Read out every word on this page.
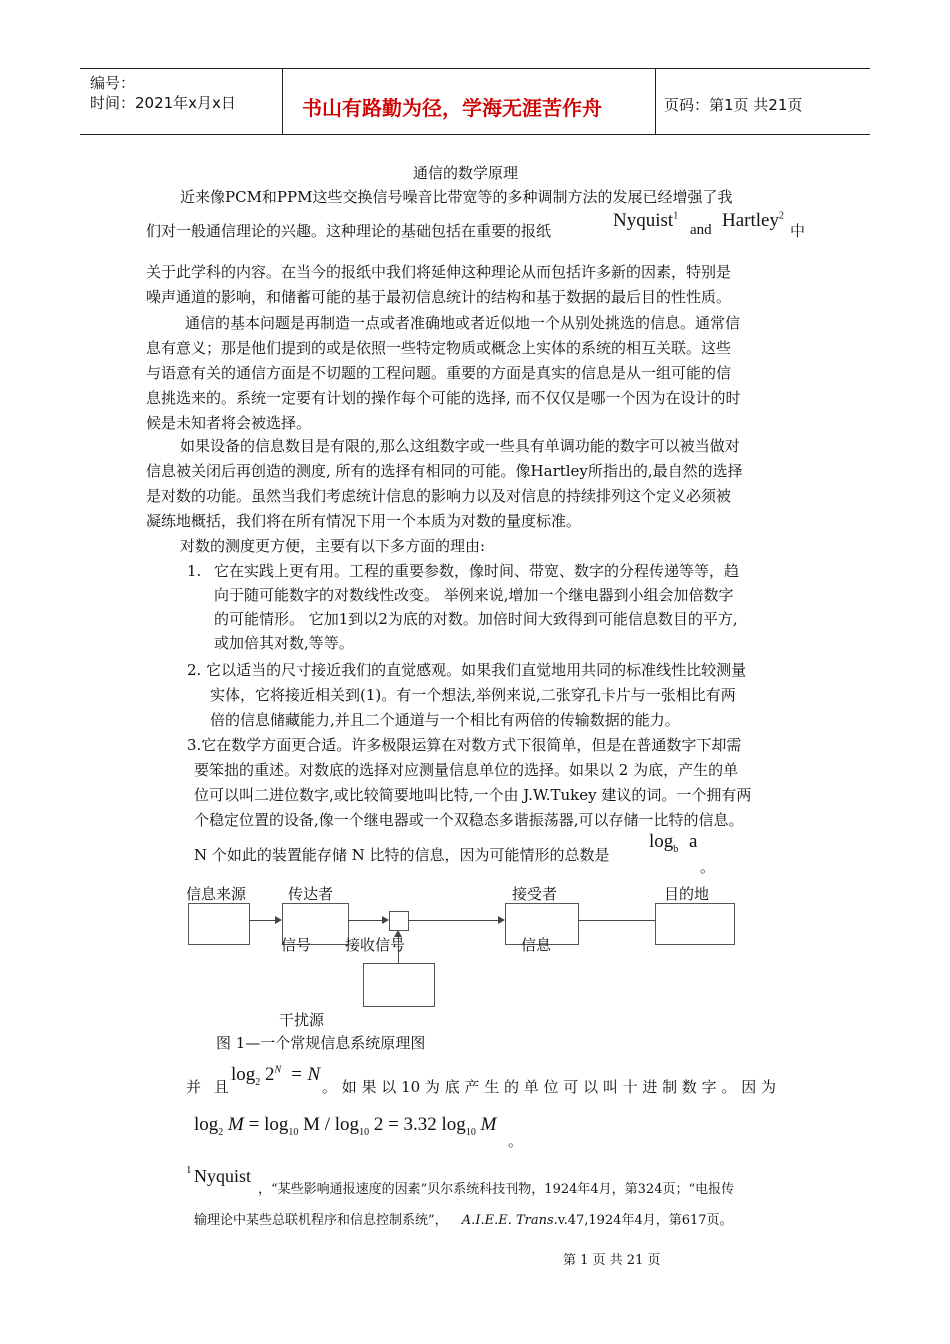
编号：
时间：2021年x月x日	书山有路勤为径，学海无涯苦作舟	页码：第1页 共21页
通信的数学原理
近来像PCM和PPM这些交换信号噪音比带宽等的多种调制方法的发展已经增强了我
们对一般通信理论的兴趣。这种理论的基础包括在重要的报纸	Nyquist$^1$
and Hartley$^2$
中
关于此学科的内容。在当今的报纸中我们将延伸这种理论从而包括许多新的因素，特别是
噪声通道的影响，和储蓄可能的基于最初信息统计的结构和基于数据的最后目的性性质。
通信的基本问题是再制造一点或者准确地或者近似地一个从别处挑选的信息。通常信
息有意义；那是他们提到的或是依照一些特定物质或概念上实体的系统的相互关联。这些
与语意有关的通信方面是不切题的工程问题。重要的方面是真实的信息是从一组可能的信
息挑选来的。系统一定要有计划的操作每个可能的选择, 而不仅仅是哪一个因为在设计的时
候是未知者将会被选择。
如果设备的信息数目是有限的,那么这组数字或一些具有单调功能的数字可以被当做对
信息被关闭后再创造的测度, 所有的选择有相同的可能。像Hartley所指出的,最自然的选择
是对数的功能。虽然当我们考虑统计信息的影响力以及对信息的持续排列这个定义必须被
凝练地概括，我们将在所有情况下用一个本质为对数的量度标准。
对数的测度更方便，主要有以下多方面的理由:
1. 它在实践上更有用。工程的重要参数，像时间、带宽、数字的分程传递等等，趋
向于随可能数字的对数线性改变。 举例来说,增加一个继电器到小组会加倍数字
的可能情形。 它加1到以2为底的对数。加倍时间大致得到可能信息数目的平方,
或加倍其对数,等等。
2. 它以适当的尺寸接近我们的直觉感观。如果我们直觉地用共同的标准线性比较测量
实体，它将接近相关到(1)。有一个想法,举例来说,二张穿孔卡片与一张相比有两
倍的信息储藏能力,并且二个通道与一个相比有两倍的传输数据的能力。
3.它在数学方面更合适。许多极限运算在对数方式下很简单，但是在普通数字下却需
要笨拙的重述。对数底的选择对应测量信息单位的选择。如果以 2 为底，产生的单
位可以叫二进位数字,或比较简要地叫比特,一个由 J.W.Tukey 建议的词。一个拥有两
个稳定位置的设备,像一个继电器或一个双稳态多谐振荡器,可以存储一比特的信息。
N 个如此的装置能存储 N 比特的信息，因为可能情形的总数是
$\log_b a$
。
信息来源	传达者	接受者	目的地
信号 接收信号	信息
干扰源
图 1—一个常规信息系统原理图
并 且
$\log_2 2^N = N$
。 如 果 以 10 为 底 产 生 的 单 位 可 以 叫 十 进 制 数 字 。 因 为
$\log_2 M = \log_{10} M / \log_{10} 2 = 3.32$ $\log_{10} M$
。
1 Nyquist
，“某些影响通报速度的因素”贝尔系统科技刊物，1924年4月，第324页；“电报传
输理论中某些总联机程序和信息控制系统”， A.I.E.E. Trans.v.47,1924年4月，第617页。
第 1 页 共 21 页
